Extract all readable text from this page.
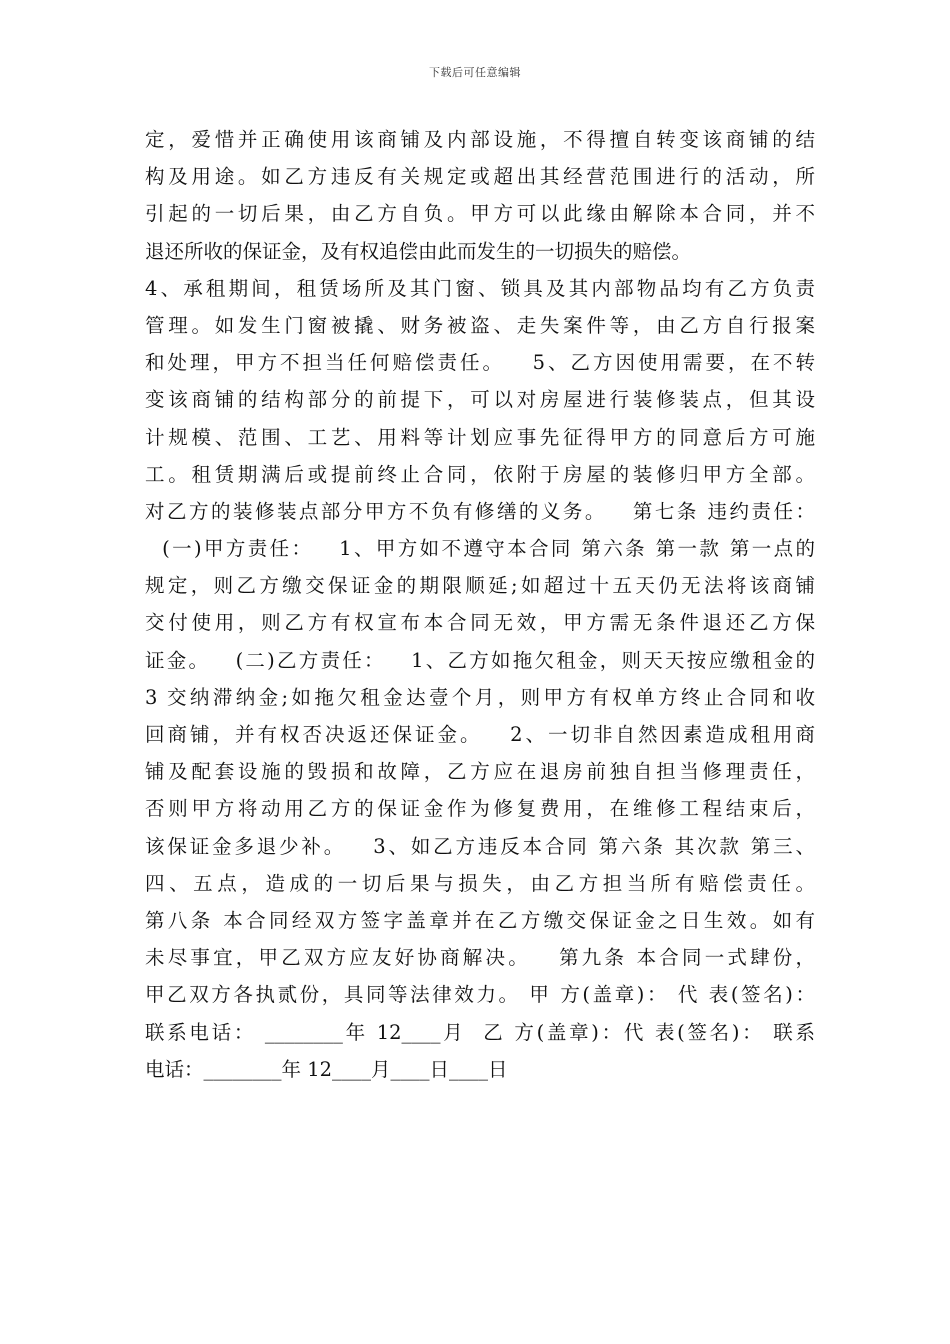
下载后可任意编辑
定，爱惜并正确使用该商铺及内部设施，不得擅自转变该商铺的结
构及用途。如乙方违反有关规定或超出其经营范围进行的活动，所
引起的一切后果，由乙方自负。甲方可以此缘由解除本合同，并不
退还所收的保证金，及有权追偿由此而发生的一切损失的赔偿。
4、承租期间，租赁场所及其门窗、锁具及其内部物品均有乙方负责
管理。如发生门窗被撬、财务被盗、走失案件等，由乙方自行报案
和处理，甲方不担当任何赔偿责任。   5、乙方因使用需要，在不转
变该商铺的结构部分的前提下，可以对房屋进行装修装点，但其设
计规模、范围、工艺、用料等计划应事先征得甲方的同意后方可施
工。租赁期满后或提前终止合同，依附于房屋的装修归甲方全部。
对乙方的装修装点部分甲方不负有修缮的义务。   第七条 违约责任：
(一)甲方责任：   1、甲方如不遵守本合同 第六条 第一款 第一点的
规定，则乙方缴交保证金的期限顺延;如超过十五天仍无法将该商铺
交付使用，则乙方有权宣布本合同无效，甲方需无条件退还乙方保
证金。   (二)乙方责任：   1、乙方如拖欠租金，则天天按应缴租金的
3 交纳滞纳金;如拖欠租金达壹个月，则甲方有权单方终止合同和收
回商铺，并有权否决返还保证金。   2、一切非自然因素造成租用商
铺及配套设施的毁损和故障，乙方应在退房前独自担当修理责任，
否则甲方将动用乙方的保证金作为修复费用，在维修工程结束后，
该保证金多退少补。   3、如乙方违反本合同 第六条 其次款 第三、
四、五点，造成的一切后果与损失，由乙方担当所有赔偿责任。
第八条 本合同经双方签字盖章并在乙方缴交保证金之日生效。如有
未尽事宜，甲乙双方应友好协商解决。   第九条 本合同一式肆份，
甲乙双方各执贰份，具同等法律效力。 甲 方(盖章)： 代 表(签名)：
联系电话： ________年 12____月  乙 方(盖章)：代 表(签名)： 联系
电话：________年 12____月____日____日
